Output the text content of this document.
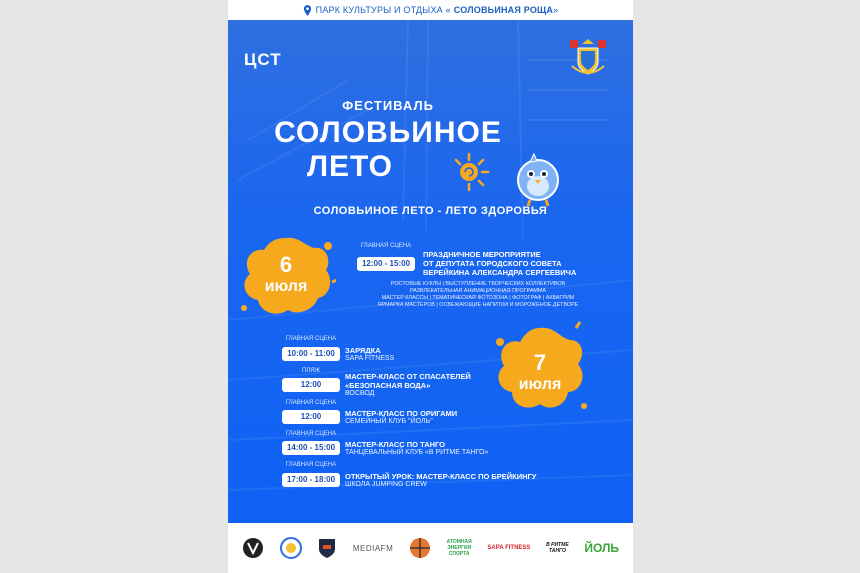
ПАРК КУЛЬТУРЫ И ОТДЫХА « СОЛОВЬИНАЯ РОЩА »
ЦСТ
ФЕСТИВАЛЬ
СОЛОВЬИНОЕ
ЛЕТО
СОЛОВЬИНОЕ ЛЕТО - ЛЕТО ЗДОРОВЬЯ
6
июля
ГЛАВНАЯ СЦЕНА
12:00 - 15:00
ПРАЗДНИЧНОЕ МЕРОПРИЯТИЕ
ОТ ДЕПУТАТА ГОРОДСКОГО СОВЕТА
ВЕРЕЙКИНА АЛЕКСАНДРА СЕРГЕЕВИЧА
РОСТОВЫЕ КУКЛЫ | ВЫСТУПЛЕНИЕ ТВОРЧЕСКИХ КОЛЛЕКТИВОВ
РАЗВЛЕКАТЕЛЬНАЯ АНИМАЦИОННАЯ ПРОГРАММА
МАСТЕР КЛАССЫ | ТЕМАТИЧЕСКАЯ ФОТОЗОНА | ФОТОГРАФ | АКВАГРИМ
ЯРМАРКА МАСТЕРОВ | ОСВЕЖАЮЩИЕ НАПИТКИ И МОРОЖЕНОЕ ДЕТВОРЕ
7
июля
ГЛАВНАЯ СЦЕНА
10:00 - 11:00	ЗАРЯДКА
SAPA FITNESS
ПЛЯЖ
12:00
МАСТЕР-КЛАСС ОТ СПАСАТЕЛЕЙ
«БЕЗОПАСНАЯ ВОДА»
ВОСВОД
ГЛАВНАЯ СЦЕНА
12:00	МАСТЕР-КЛАСС ПО ОРИГАМИ
СЕМЕЙНЫЙ КЛУБ "ЙОЛЬ"
ГЛАВНАЯ СЦЕНА
14:00 - 15:00	МАСТЕР-КЛАСС ПО ТАНГО
ТАНЦЕВАЛЬНЫЙ КЛУБ «В РИТМЕ ТАНГО»
ГЛАВНАЯ СЦЕНА
17:00 - 18:00	ОТКРЫТЫЙ УРОК: МАСТЕР-КЛАСС ПО БРЕЙКИНГУ
ШКОЛА JUMPING CREW
MEDIAFM
АТОМНАЯ
ЭНЕРГИЯ
СПОРТА
SAPA FITNESS	В РИТМЕ
ТАНГО ЙОЛЬ
